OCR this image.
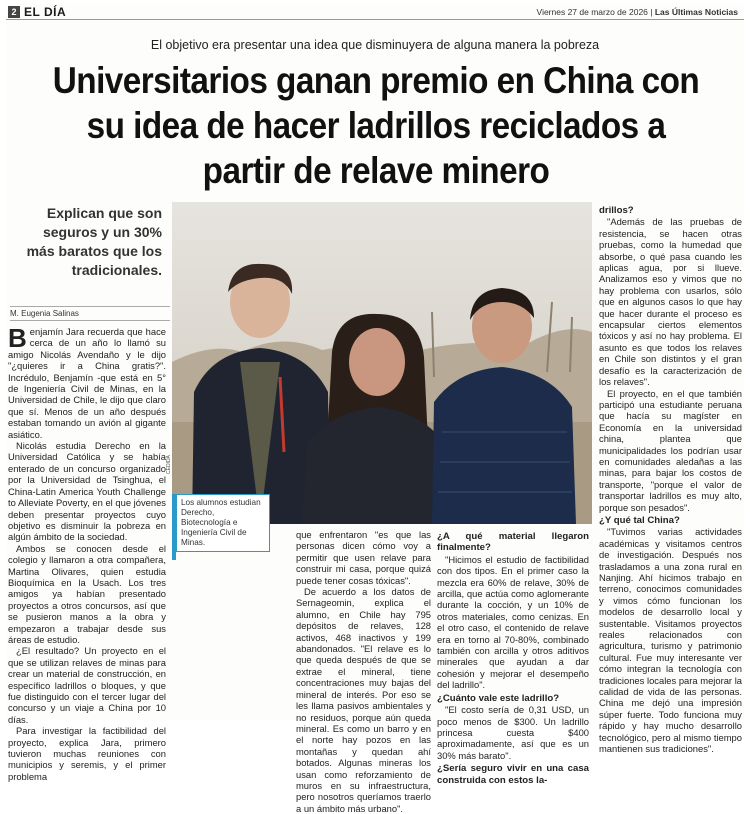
2 EL DÍA	Viernes 27 de marzo de 2026 | Las Últimas Noticias
El objetivo era presentar una idea que disminuyera de alguna manera la pobreza
Universitarios ganan premio en China con su idea de hacer ladrillos reciclados a partir de relave minero
Explican que son seguros y un 30% más baratos que los tradicionales.
M. Eugenia Salinas

Benjamín Jara recuerda que hace cerca de un año lo llamó su amigo Nicolás Avendaño y le dijo "¿quieres ir a China gratis?". Incrédulo, Benjamín -que está en 5° de Ingeniería Civil de Minas, en la Universidad de Chile, le dijo que claro que sí. Menos de un año después estaban tomando un avión al gigante asiático.

Nicolás estudia Derecho en la Universidad Católica y se había enterado de un concurso organizado por la Universidad de Tsinghua, el China-Latin America Youth Challenge to Alleviate Poverty, en el que jóvenes deben presentar proyectos cuyo objetivo es disminuir la pobreza en algún ámbito de la sociedad.

Ambos se conocen desde el colegio y llamaron a otra compañera, Martina Olivares, quien estudia Bioquímica en la Usach. Los tres amigos ya habían presentado proyectos a otros concursos, así que se pusieron manos a la obra y empezaron a trabajar desde sus áreas de estudio.

¿El resultado? Un proyecto en el que se utilizan relaves de minas para crear un material de construcción, en específico ladrillos o bloques, y que fue distinguido con el tercer lugar del concurso y un viaje a China por 10 días.

Para investigar la factibilidad del proyecto, explica Jara, primero tuvieron muchas reuniones con municipios y seremis, y el primer problema

CEDIDA
Los alumnos estudian Derecho, Biotecnología e Ingeniería Civil de Minas.

que enfrentaron "es que las personas dicen cómo voy a permitir que usen relave para construir mi casa, porque quizá puede tener cosas tóxicas".

De acuerdo a los datos de Sernageomin, explica el alumno, en Chile hay 795 depósitos de relaves, 128 activos, 468 inactivos y 199 abandonados. "El relave es lo que queda después de que se extrae el mineral, tiene concentraciones muy bajas del mineral de interés. Por eso se les llama pasivos ambientales y no residuos, porque aún queda mineral. Es como un barro y en el norte hay pozos en las montañas y quedan ahí botados. Algunas mineras los usan como reforzamiento de muros en su infraestructura, pero nosotros queríamos traerlo a un ámbito más urbano".

¿A qué material llegaron finalmente?

"Hicimos el estudio de factibilidad con dos tipos. En el primer caso la mezcla era 60% de relave, 30% de arcilla, que actúa como aglomerante durante la cocción, y un 10% de otros materiales, como cenizas. En el otro caso, el contenido de relave era en torno al 70-80%, combinado también con arcilla y otros aditivos minerales que ayudan a dar cohesión y mejorar el desempeño del ladrillo".

¿Cuánto vale este ladrillo?

"El costo sería de 0,31 USD, un poco menos de $300. Un ladrillo princesa cuesta $400 aproximadamente, así que es un 30% más barato".

¿Sería seguro vivir en una casa construida con estos la-

drillos?

"Además de las pruebas de resistencia, se hacen otras pruebas, como la humedad que absorbe, o qué pasa cuando les aplicas agua, por si llueve. Analizamos eso y vimos que no hay problema con usarlos, sólo que en algunos casos lo que hay que hacer durante el proceso es encapsular ciertos elementos tóxicos y así no hay problema. El asunto es que todos los relaves en Chile son distintos y el gran desafío es la caracterización de los relaves".

El proyecto, en el que también participó una estudiante peruana que hacía su magíster en Economía en la universidad china, plantea que municipalidades los podrían usar en comunidades aledañas a las minas, para bajar los costos de transporte, "porque el valor de transportar ladrillos es muy alto, porque son pesados".

¿Y qué tal China?

"Tuvimos varias actividades académicas y visitamos centros de investigación. Después nos trasladamos a una zona rural en Nanjing. Ahí hicimos trabajo en terreno, conocimos comunidades y vimos cómo funcionan los modelos de desarrollo local y sustentable. Visitamos proyectos reales relacionados con agricultura, turismo y patrimonio cultural. Fue muy interesante ver cómo integran la tecnología con tradiciones locales para mejorar la calidad de vida de las personas. China me dejó una impresión súper fuerte. Todo funciona muy rápido y hay mucho desarrollo tecnológico, pero al mismo tiempo mantienen sus tradiciones".
